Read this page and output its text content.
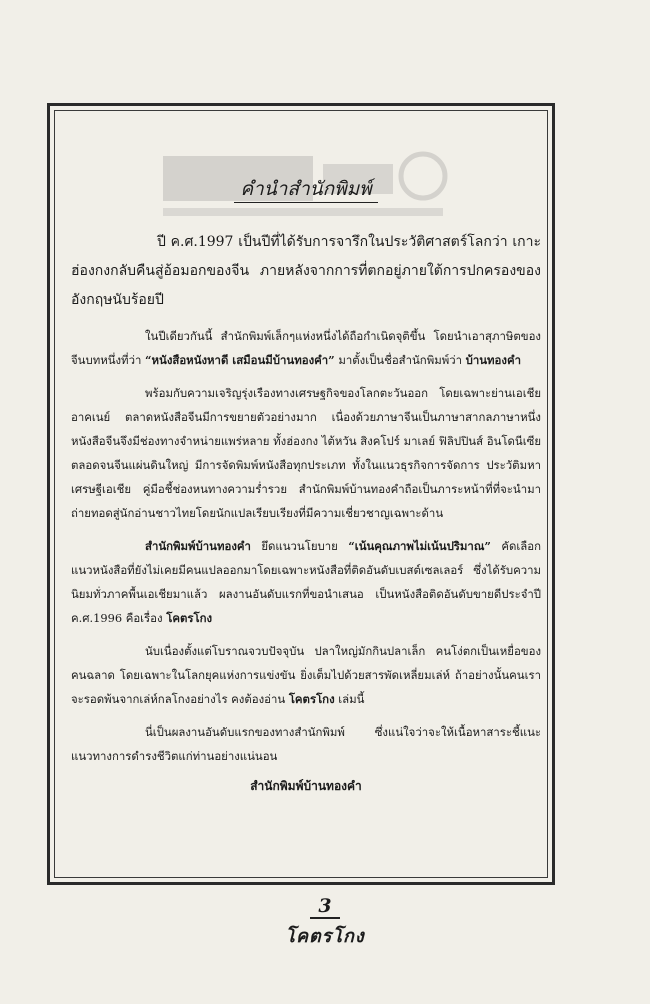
คำนำสำนักพิมพ์

ปี ค.ศ.1997 เป็นปีที่ได้รับการจารึกในประวัติศาสตร์โลกว่า เกาะฮ่องกงกลับคืนสู่อ้อมอกของจีน ภายหลังจากการที่ตกอยู่ภายใต้การปกครองของอังกฤษนับร้อยปี

ในปีเดียวกันนี้ สำนักพิมพ์เล็กๆแห่งหนึ่งได้ถือกำเนิดจุติขึ้น โดยนำเอาสุภาษิตของจีนบทหนึ่งที่ว่า “หนังสือหนังหาดี เสมือนมีบ้านทองคำ” มาตั้งเป็นชื่อสำนักพิมพ์ว่า บ้านทองคำ

พร้อมกับความเจริญรุ่งเรืองทางเศรษฐกิจของโลกตะวันออก โดยเฉพาะย่านเอเชียอาคเนย์ ตลาดหนังสือจีนมีการขยายตัวอย่างมาก เนื่องด้วยภาษาจีนเป็นภาษาสากลภาษาหนึ่ง หนังสือจีนจึงมีช่องทางจำหน่ายแพร่หลาย ทั้งฮ่องกง ไต้หวัน สิงคโปร์ มาเลย์ ฟิลิปปินส์ อินโดนีเซีย ตลอดจนจีนแผ่นดินใหญ่ มีการจัดพิมพ์หนังสือทุกประเภท ทั้งในแนวธุรกิจการจัดการ ประวัติมหาเศรษฐีเอเชีย คู่มือชี้ช่องหนทางความร่ำรวย สำนักพิมพ์บ้านทองคำถือเป็นภาระหน้าที่ที่จะนำมาถ่ายทอดสู่นักอ่านชาวไทยโดยนักแปลเรียบเรียงที่มีความเชี่ยวชาญเฉพาะด้าน

สำนักพิมพ์บ้านทองคำ ยึดแนวนโยบาย “เน้นคุณภาพไม่เน้นปริมาณ” คัดเลือกแนวหนังสือที่ยังไม่เคยมีคนแปลออกมาโดยเฉพาะหนังสือที่ติดอันดับเบสต์เซลเลอร์ ซึ่งได้รับความนิยมทั่วภาคพื้นเอเชียมาแล้ว ผลงานอันดับแรกที่ขอนำเสนอ เป็นหนังสือติดอันดับขายดีประจำปี ค.ศ.1996 คือเรื่อง โคตรโกง

นับเนื่องตั้งแต่โบราณจวบปัจจุบัน ปลาใหญ่มักกินปลาเล็ก คนโง่ตกเป็นเหยื่อของคนฉลาด โดยเฉพาะในโลกยุคแห่งการแข่งขัน ยิ่งเต็มไปด้วยสารพัดเหลี่ยมเล่ห์ ถ้าอย่างนั้นคนเราจะรอดพ้นจากเล่ห์กลโกงอย่างไร คงต้องอ่าน โคตรโกง เล่มนี้

นี่เป็นผลงานอันดับแรกของทางสำนักพิมพ์ ซึ่งแน่ใจว่าจะให้เนื้อหาสาระชี้แนะแนวทางการดำรงชีวิตแก่ท่านอย่างแน่นอน

สำนักพิมพ์บ้านทองคำ
3
โคตรโกง
